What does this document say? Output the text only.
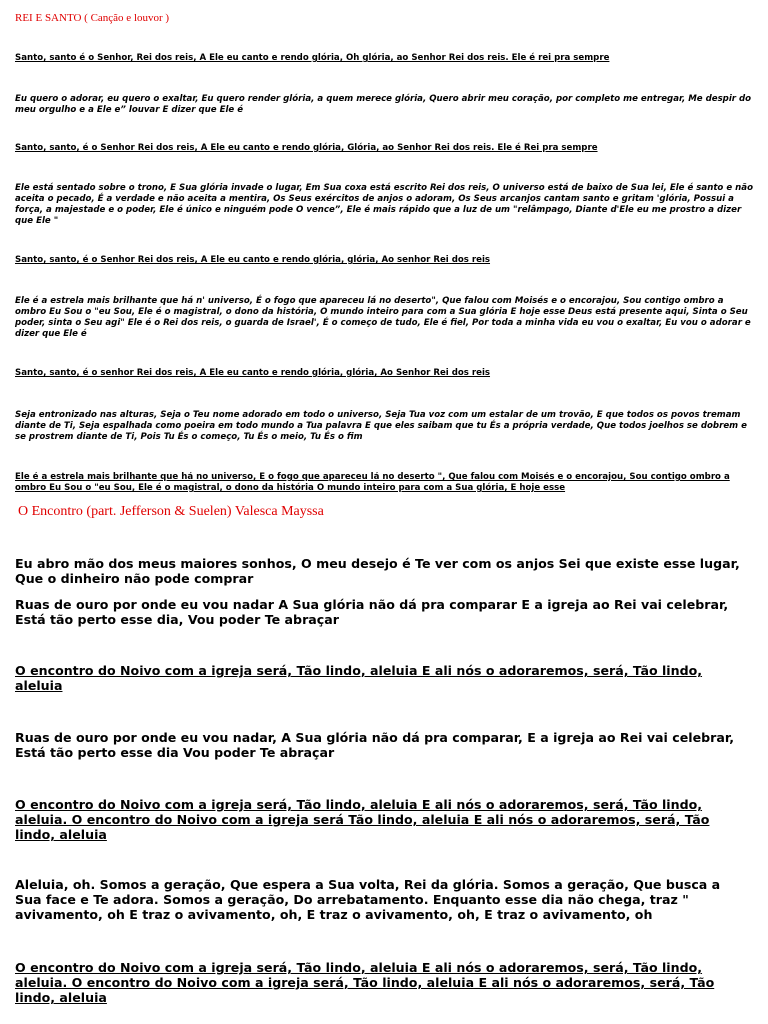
REI E SANTO ( Canção e louvor )

Santo, santo é o Senhor, Rei dos reis, A Ele eu canto e rendo glória, Oh glória, ao Senhor Rei dos reis. Ele é rei pra sempre

Eu quero o adorar, eu quero o exaltar, Eu quero render glória, a quem merece glória, Quero abrir meu coração, por completo me entregar, Me despir do meu orgulho e a Ele e” louvar E dizer que Ele é

Santo, santo, é o Senhor Rei dos reis, A Ele eu canto e rendo glória, Glória, ao Senhor Rei dos reis. Ele é Rei pra sempre

Ele está sentado sobre o trono, E Sua glória invade o lugar, Em Sua coxa está escrito Rei dos reis, O universo está de baixo de Sua lei, Ele é santo e não aceita o pecado, É a verdade e não aceita a mentira, Os Seus exércitos de anjos o adoram, Os Seus arcanjos cantam santo e gritam 'glória, Possui a força, a majestade e o poder, Ele é único e ninguém pode O vence”, Ele é mais rápido que a luz de um "relâmpago, Diante d'Ele eu me prostro a dizer que Ele "

Santo, santo, é o Senhor Rei dos reis, A Ele eu canto e rendo glória, glória, Ao senhor Rei dos reis

Ele é a estrela mais brilhante que há n' universo, É o fogo que apareceu lá no deserto", Que falou com Moisés e o encorajou, Sou contigo ombro a ombro Eu Sou o "eu Sou, Ele é o magistral, o dono da história, O mundo inteiro para com a Sua glória E hoje esse Deus está presente aqui, Sinta o Seu poder, sinta o Seu agi" Ele é o Rei dos reis, o guarda de Israel', É o começo de tudo, Ele é fiel, Por toda a minha vida eu vou o exaltar, Eu vou o adorar e dizer que Ele é

Santo, santo, é o senhor Rei dos reis, A Ele eu canto e rendo glória, glória, Ao Senhor Rei dos reis

Seja entronizado nas alturas, Seja o Teu nome adorado em todo o universo, Seja Tua voz com um estalar de um trovão, E que todos os povos tremam diante de Ti, Seja espalhada como poeira em todo mundo a Tua palavra E que eles saibam que tu És a própria verdade, Que todos joelhos se dobrem e se prostrem diante de Ti, Pois Tu És o começo, Tu És o meio, Tu És o fim

Ele é a estrela mais brilhante que há no universo, É o fogo que apareceu lá no deserto ", Que falou com Moisés e o encorajou, Sou contigo ombro a ombro Eu Sou o "eu Sou, Ele é o magistral, o dono da história O mundo inteiro para com a Sua glória, E hoje esse

O Encontro (part. Jefferson & Suelen) Valesca Mayssa

Eu abro mão dos meus maiores sonhos, O meu desejo é Te ver com os anjos Sei que existe esse lugar, Que o dinheiro não pode comprar

Ruas de ouro por onde eu vou nadar A Sua glória não dá pra comparar E a igreja ao Rei vai celebrar, Está tão perto esse dia, Vou poder Te abraçar

O encontro do Noivo com a igreja será, Tão lindo, aleluia E ali nós o adoraremos, será, Tão lindo, aleluia

Ruas de ouro por onde eu vou nadar, A Sua glória não dá pra comparar, E a igreja ao Rei vai celebrar, Está tão perto esse dia Vou poder Te abraçar

O encontro do Noivo com a igreja será, Tão lindo, aleluia E ali nós o adoraremos, será, Tão lindo, aleluia. O encontro do Noivo com a igreja será Tão lindo, aleluia E ali nós o adoraremos, será, Tão lindo, aleluia

Aleluia, oh. Somos a geração, Que espera a Sua volta, Rei da glória. Somos a geração, Que busca a Sua face e Te adora. Somos a geração, Do arrebatamento. Enquanto esse dia não chega, traz " avivamento, oh E traz o avivamento, oh, E traz o avivamento, oh, E traz o avivamento, oh

O encontro do Noivo com a igreja será, Tão lindo, aleluia E ali nós o adoraremos, será, Tão lindo, aleluia. O encontro do Noivo com a igreja será, Tão lindo, aleluia E ali nós o adoraremos, será, Tão lindo, aleluia
